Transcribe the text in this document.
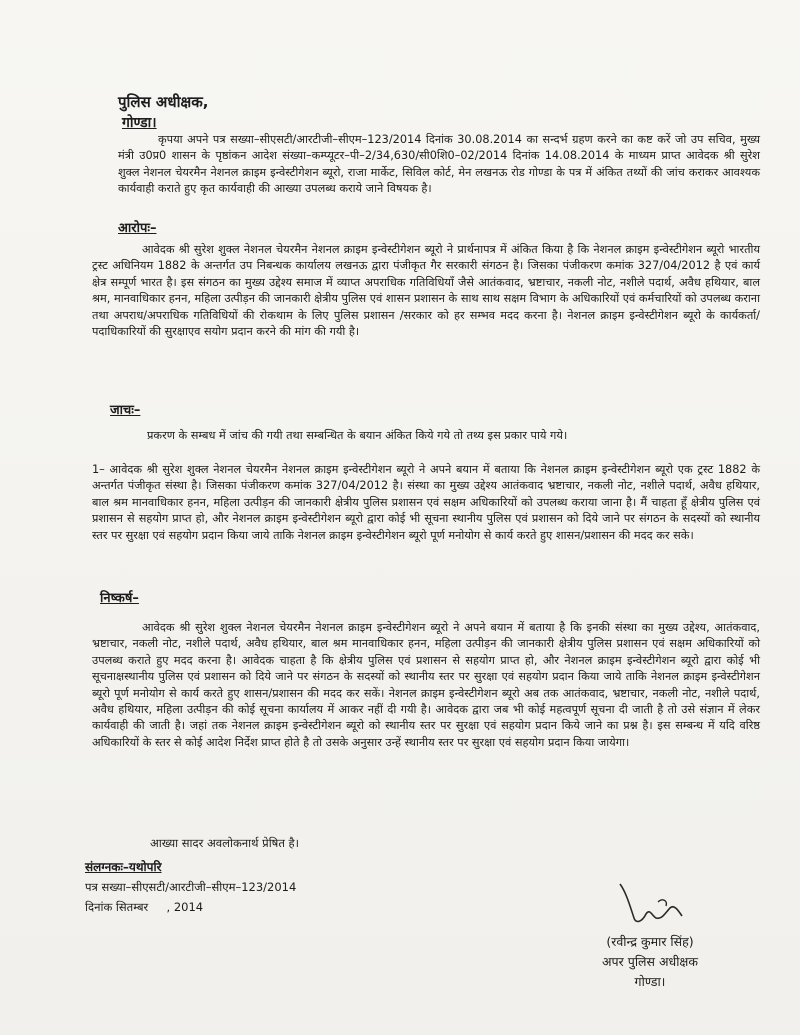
पुलिस अधीक्षक,
गोण्डा।
कृपया अपने पत्र सख्या–सीएसटी/आरटीजी–सीएम–123/2014 दिनांक 30.08.2014 का सन्दर्भ ग्रहण करने का कष्ट करें जो उप सचिव, मुख्य मंत्री उ0प्र0 शासन के पृष्ठांकन आदेश संख्या–कम्प्यूटर–पी–2/34,630/सी0शि0–02/2014 दिनांक 14.08.2014 के माध्यम प्राप्त आवेदक श्री सुरेश शुक्ल नेशनल चेयरमैन नेशनल क्राइम इन्वेस्टीगेशन ब्यूरो, राजा मार्केट, सिविल कोर्ट, मेन लखनऊ रोड गोण्डा के पत्र में अंकित तथ्यों की जांच कराकर आवश्यक कार्यवाही कराते हुए कृत कार्यवाही की आख्या उपलब्ध कराये जाने विषयक है।
आरोपः–
आवेदक श्री सुरेश शुक्ल नेशनल चेयरमैन नेशनल क्राइम इन्वेस्टीगेशन ब्यूरो ने प्रार्थनापत्र में अंकित किया है कि नेशनल क्राइम इन्वेस्टीगेशन ब्यूरो भारतीय ट्रस्ट अधिनियम 1882 के अन्तर्गत उप निबन्धक कार्यालय लखनऊ द्वारा पंजीकृत गैर सरकारी संगठन है। जिसका पंजीकरण कमांक 327/04/2012 है एवं कार्य क्षेत्र सम्पूर्ण भारत है। इस संगठन का मुख्य उद्देश्य समाज में व्याप्त अपराधिक गतिविधियाँ जैसे आतंकवाद, भ्रष्टाचार, नकली नोट, नशीले पदार्थ, अवैध हथियार, बाल श्रम, मानवाधिकार हनन, महिला उत्पीड़न की जानकारी क्षेत्रीय पुलिस एवं शासन प्रशासन के साथ साथ सक्षम विभाग के अधिकारियों एवं कर्मचारियों को उपलब्ध कराना तथा अपराध/अपराधिक गतिविधियों की रोकथाम के लिए पुलिस प्रशासन /सरकार को हर सम्भव मदद करना है। नेशनल क्राइम इन्वेस्टीगेशन ब्यूरो के कार्यकर्ता/पदाधिकारियों की सुरक्षाएव सयोग प्रदान करने की मांग की गयी है।
जाचः–
प्रकरण के सम्बध में जांच की गयी तथा सम्बन्धित के बयान अंकित किये गये तो तथ्य इस प्रकार पाये गये।
1– आवेदक श्री सुरेश शुक्ल नेशनल चेयरमैन नेशनल क्राइम इन्वेस्टीगेशन ब्यूरो ने अपने बयान में बताया कि नेशनल क्राइम इन्वेस्टीगेशन ब्यूरो एक ट्रस्ट 1882 के अन्तर्गत पंजीकृत संस्था है। जिसका पंजीकरण कमांक 327/04/2012 है। संस्था का मुख्य उद्देश्य आतंकवाद भ्रष्टाचार, नकली नोट, नशीले पदार्थ, अवैध हथियार, बाल श्रम मानवाधिकार हनन, महिला उत्पीड़न की जानकारी क्षेत्रीय पुलिस प्रशासन एवं सक्षम अधिकारियों को उपलब्ध कराया जाना है। मैं चाहता हूँ क्षेत्रीय पुलिस एवं प्रशासन से सहयोग प्राप्त हो, और नेशनल क्राइम इन्वेस्टीगेशन ब्यूरो द्वारा कोई भी सूचना स्थानीय पुलिस एवं प्रशासन को दिये जाने पर संगठन के सदस्यों को स्थानीय स्तर पर सुरक्षा एवं सहयोग प्रदान किया जाये ताकि नेशनल क्राइम इन्वेस्टीगेशन ब्यूरो पूर्ण मनोयोग से कार्य करते हुए शासन/प्रशासन की मदद कर सके।
निष्कर्ष–
आवेदक श्री सुरेश शुक्ल नेशनल चेयरमैन नेशनल क्राइम इन्वेस्टीगेशन ब्यूरो ने अपने बयान में बताया है कि इनकी संस्था का मुख्य उद्देश्य, आतंकवाद, भ्रष्टाचार, नकली नोट, नशीले पदार्थ, अवैध हथियार, बाल श्रम मानवाधिकार हनन, महिला उत्पीड़न की जानकारी क्षेत्रीय पुलिस प्रशासन एवं सक्षम अधिकारियों को उपलब्ध कराते हुए मदद करना है। आवेदक चाहता है कि क्षेत्रीय पुलिस एवं प्रशासन से सहयोग प्राप्त हो, और नेशनल क्राइम इन्वेस्टीगेशन ब्यूरो द्वारा कोई भी सूचनाक्षस्थानीय पुलिस एवं प्रशासन को दिये जाने पर संगठन के सदस्यों को स्थानीय स्तर पर सुरक्षा एवं सहयोग प्रदान किया जाये ताकि नेशनल क्राइम इन्वेस्टीगेशन ब्यूरो पूर्ण मनोयोग से कार्य करते हुए शासन/प्रशासन की मदद कर सकें। नेशनल क्राइम इन्वेस्टीगेशन ब्यूरो अब तक आतंकवाद, भ्रष्टाचार, नकली नोट, नशीले पदार्थ, अवैध हथियार, महिला उत्पीड़न की कोई सूचना कार्यालय में आकर नहीं दी गयी है। आवेदक द्वारा जब भी कोई महत्वपूर्ण सूचना दी जाती है तो उसे संज्ञान में लेकर कार्यवाही की जाती है। जहां तक नेशनल क्राइम इन्वेस्टीगेशन ब्यूरो को स्थानीय स्तर पर सुरक्षा एवं सहयोग प्रदान किये जाने का प्रश्न है। इस सम्बन्ध में यदि वरिष्ठ अधिकारियों के स्तर से कोई आदेश निर्देश प्राप्त होते है तो उसके अनुसार उन्हें स्थानीय स्तर पर सुरक्षा एवं सहयोग प्रदान किया जायेगा।
आख्या सादर अवलोकनार्थ प्रेषित है।
संलग्नकः–यथोपरि
पत्र सख्या–सीएसटी/आरटीजी–सीएम–123/2014
दिनांक सितम्बर     , 2014
(रवीन्द्र कुमार सिंह)
अपर पुलिस अधीक्षक
गोण्डा।
